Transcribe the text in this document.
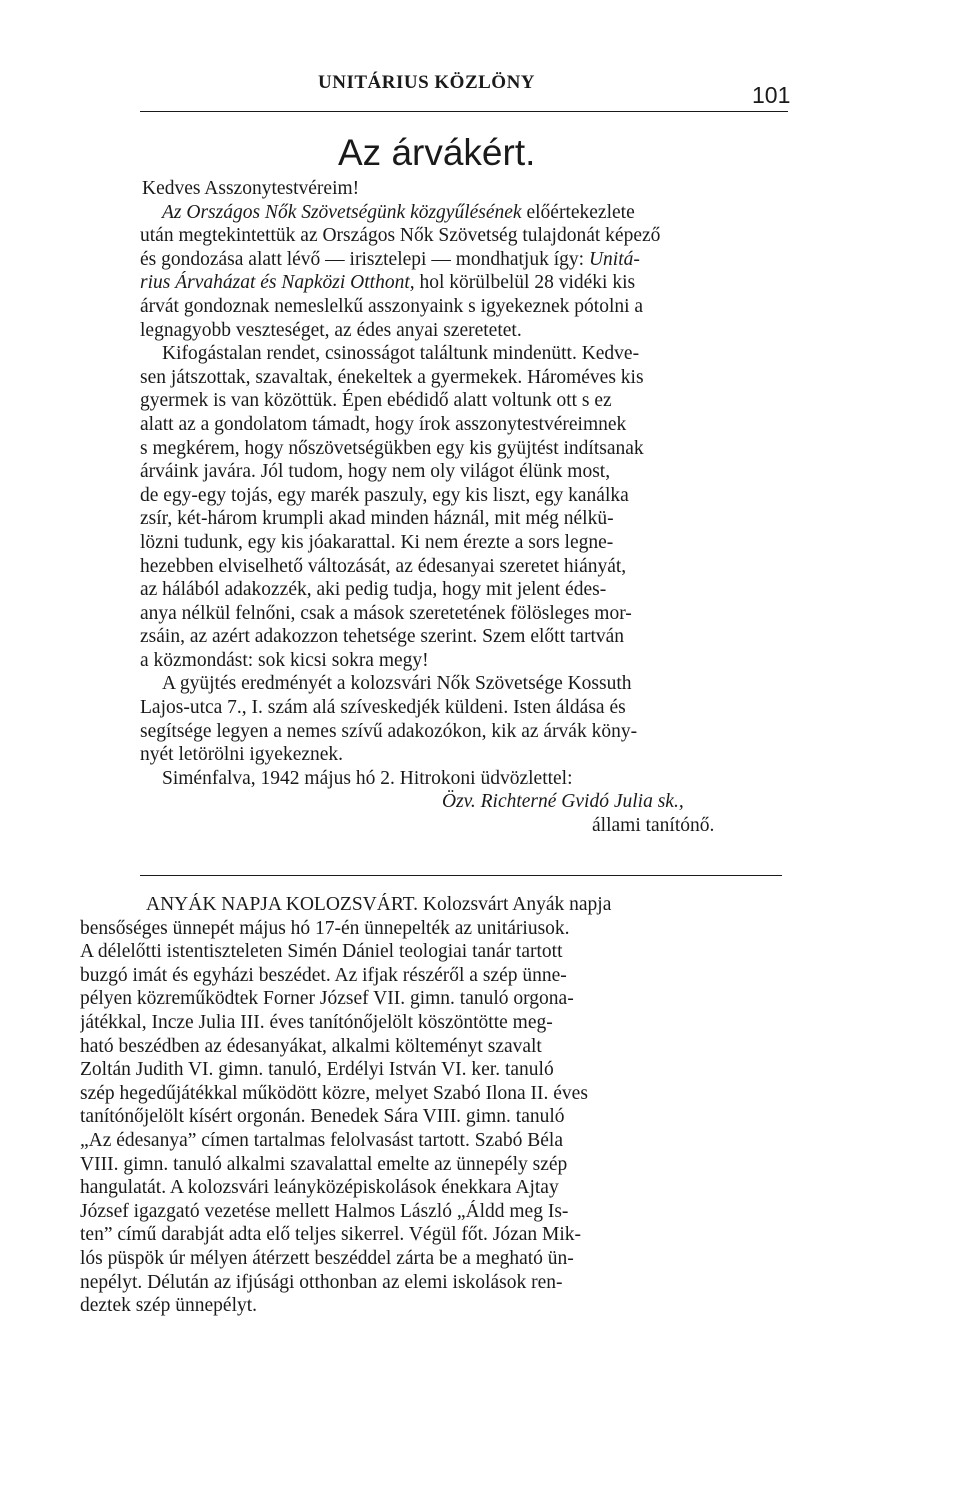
UNITÁRIUS KÖZLÖNY	101
Az árvákért.
Kedves Asszonytestvéreim!
Az Országos Nők Szövetségünk közgyűlésének előértekezlete
után megtekintettük az Országos Nők Szövetség tulajdonát képező
és gondozása alatt lévő — irisztelepi — mondhatjuk így: Unitá-
rius Árvaházat és Napközi Otthont, hol körülbelül 28 vidéki kis
árvát gondoznak nemeslelkű asszonyaink s igyekeznek pótolni a
legnagyobb veszteséget, az édes anyai szeretetet.
Kifogástalan rendet, csinosságot találtunk mindenütt. Kedve-
sen játszottak, szavaltak, énekeltek a gyermekek. Hároméves kis
gyermek is van közöttük. Épen ebédidő alatt voltunk ott s ez
alatt az a gondolatom támadt, hogy írok asszonytestvéreimnek
s megkérem, hogy nőszövetségükben egy kis gyüjtést indítsanak
árváink javára. Jól tudom, hogy nem oly világot élünk most,
de egy-egy tojás, egy marék paszuly, egy kis liszt, egy kanálka
zsír, két-három krumpli akad minden háznál, mit még nélkü-
lözni tudunk, egy kis jóakarattal. Ki nem érezte a sors legne-
hezebben elviselhető változását, az édesanyai szeretet hiányát,
az hálából adakozzék, aki pedig tudja, hogy mit jelent édes-
anya nélkül felnőni, csak a mások szeretetének fölösleges mor-
zsáin, az azért adakozzon tehetsége szerint. Szem előtt tartván
a közmondást: sok kicsi sokra megy!
A gyüjtés eredményét a kolozsvári Nők Szövetsége Kossuth
Lajos-utca 7., I. szám alá szíveskedjék küldeni. Isten áldása és
segítsége legyen a nemes szívű adakozókon, kik az árvák köny-
nyét letörölni igyekeznek.
Siménfalva, 1942 május hó 2. Hitrokoni üdvözlettel:
Özv. Richterné Gvidó Julia sk.,
állami tanítónő.
ANYÁK NAPJA KOLOZSVÁRT. Kolozsvárt Anyák napja
bensőséges ünnepét május hó 17-én ünnepelték az unitáriusok.
A délelőtti istentiszteleten Simén Dániel teologiai tanár tartott
buzgó imát és egyházi beszédet. Az ifjak részéről a szép ünne-
pélyen közreműködtek Forner József VII. gimn. tanuló orgona-
játékkal, Incze Julia III. éves tanítónőjelölt köszöntötte meg-
ható beszédben az édesanyákat, alkalmi költeményt szavalt
Zoltán Judith VI. gimn. tanuló, Erdélyi István VI. ker. tanuló
szép hegedűjátékkal működött közre, melyet Szabó Ilona II. éves
tanítónőjelölt kísért orgonán. Benedek Sára VIII. gimn. tanuló
„Az édesanya” címen tartalmas felolvasást tartott. Szabó Béla
VIII. gimn. tanuló alkalmi szavalattal emelte az ünnepély szép
hangulatát. A kolozsvári leányközépiskolások énekkara Ajtay
József igazgató vezetése mellett Halmos László „Áldd meg Is-
ten” című darabját adta elő teljes sikerrel. Végül főt. Józan Mik-
lós püspök úr mélyen átérzett beszéddel zárta be a megható ün-
nepélyt. Délután az ifjúsági otthonban az elemi iskolások ren-
deztek szép ünnepélyt.
